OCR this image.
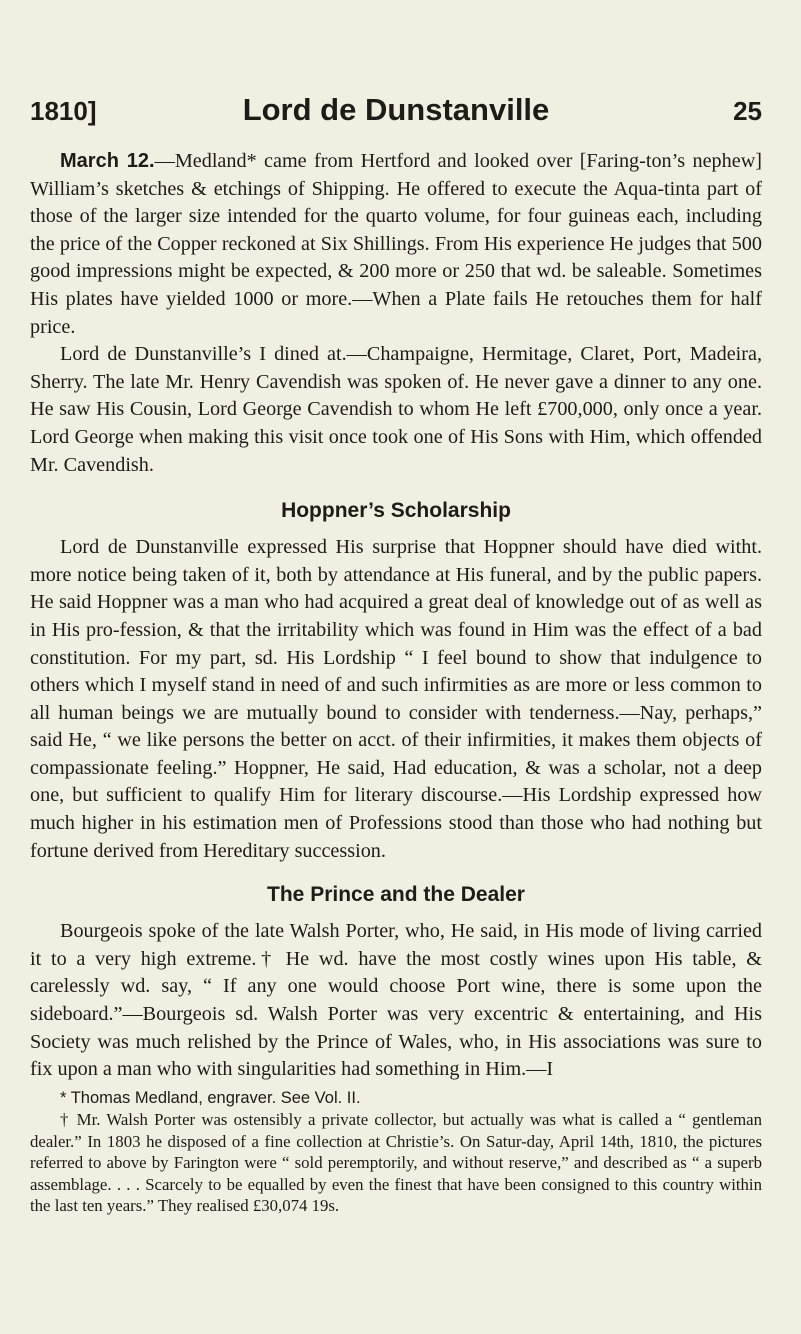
1810]	Lord de Dunstanville	25

March 12.—Medland* came from Hertford and looked over [Faring-ton’s nephew] William’s sketches & etchings of Shipping. He offered to execute the Aqua-tinta part of those of the larger size intended for the quarto volume, for four guineas each, including the price of the Copper reckoned at Six Shillings. From His experience He judges that 500 good impressions might be expected, & 200 more or 250 that wd. be saleable. Sometimes His plates have yielded 1000 or more.—When a Plate fails He retouches them for half price.

Lord de Dunstanville’s I dined at.—Champaigne, Hermitage, Claret, Port, Madeira, Sherry. The late Mr. Henry Cavendish was spoken of. He never gave a dinner to any one. He saw His Cousin, Lord George Cavendish to whom He left £700,000, only once a year. Lord George when making this visit once took one of His Sons with Him, which offended Mr. Cavendish.

Hoppner’s Scholarship

Lord de Dunstanville expressed His surprise that Hoppner should have died witht. more notice being taken of it, both by attendance at His funeral, and by the public papers. He said Hoppner was a man who had acquired a great deal of knowledge out of as well as in His pro-fession, & that the irritability which was found in Him was the effect of a bad constitution. For my part, sd. His Lordship “ I feel bound to show that indulgence to others which I myself stand in need of and such infirmities as are more or less common to all human beings we are mutually bound to consider with tenderness.—Nay, perhaps,” said He, “ we like persons the better on acct. of their infirmities, it makes them objects of compassionate feeling.” Hoppner, He said, Had education, & was a scholar, not a deep one, but sufficient to qualify Him for literary discourse.—His Lordship expressed how much higher in his estimation men of Professions stood than those who had nothing but fortune derived from Hereditary succession.

The Prince and the Dealer

Bourgeois spoke of the late Walsh Porter, who, He said, in His mode of living carried it to a very high extreme.† He wd. have the most costly wines upon His table, & carelessly wd. say, “ If any one would choose Port wine, there is some upon the sideboard.”—Bourgeois sd. Walsh Porter was very excentric & entertaining, and His Society was much relished by the Prince of Wales, who, in His associations was sure to fix upon a man who with singularities had something in Him.—I

* Thomas Medland, engraver. See Vol. II.

† Mr. Walsh Porter was ostensibly a private collector, but actually was what is called a “ gentleman dealer.” In 1803 he disposed of a fine collection at Christie’s. On Satur-day, April 14th, 1810, the pictures referred to above by Farington were “ sold peremptorily, and without reserve,” and described as “ a superb assemblage. . . . Scarcely to be equalled by even the finest that have been consigned to this country within the last ten years.” They realised £30,074 19s.
